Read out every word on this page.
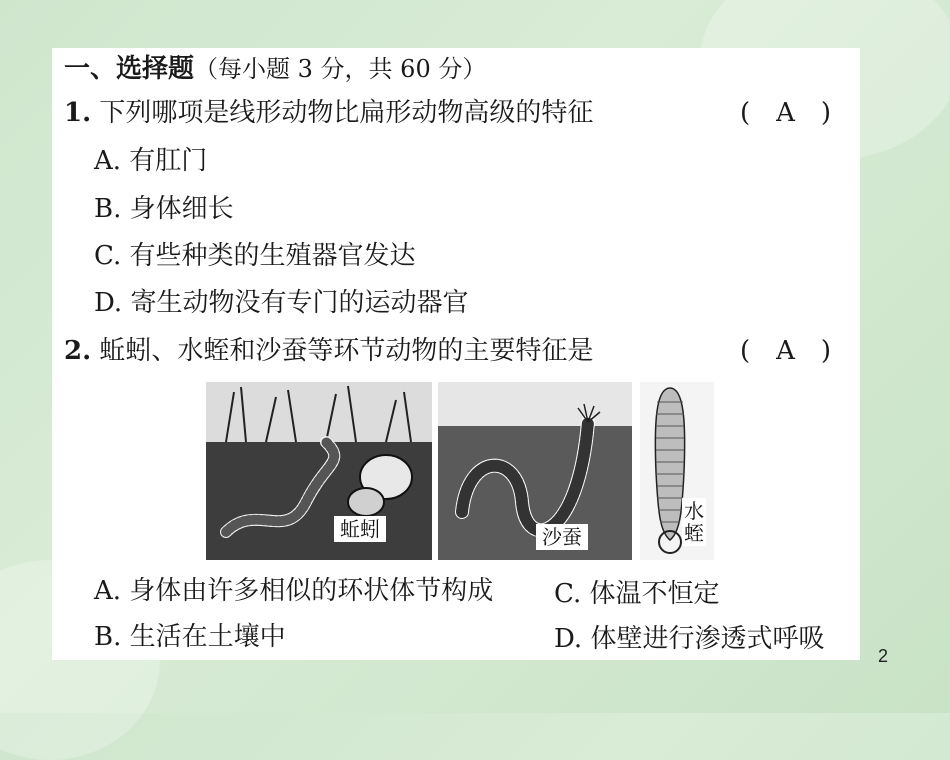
一、选择题（每小题 3 分，共 60 分）
1. 下列哪项是线形动物比扁形动物高级的特征	(　A　)
A. 有肛门
B. 身体细长
C. 有些种类的生殖器官发达
D. 寄生动物没有专门的运动器官
2. 蚯蚓、水蛭和沙蚕等环节动物的主要特征是	(　A　)
蚯蚓	沙蚕
水
蛭
A. 身体由许多相似的环状体节构成 C. 体温不恒定
B. 生活在土壤中	D. 体壁进行渗透式呼吸
2
